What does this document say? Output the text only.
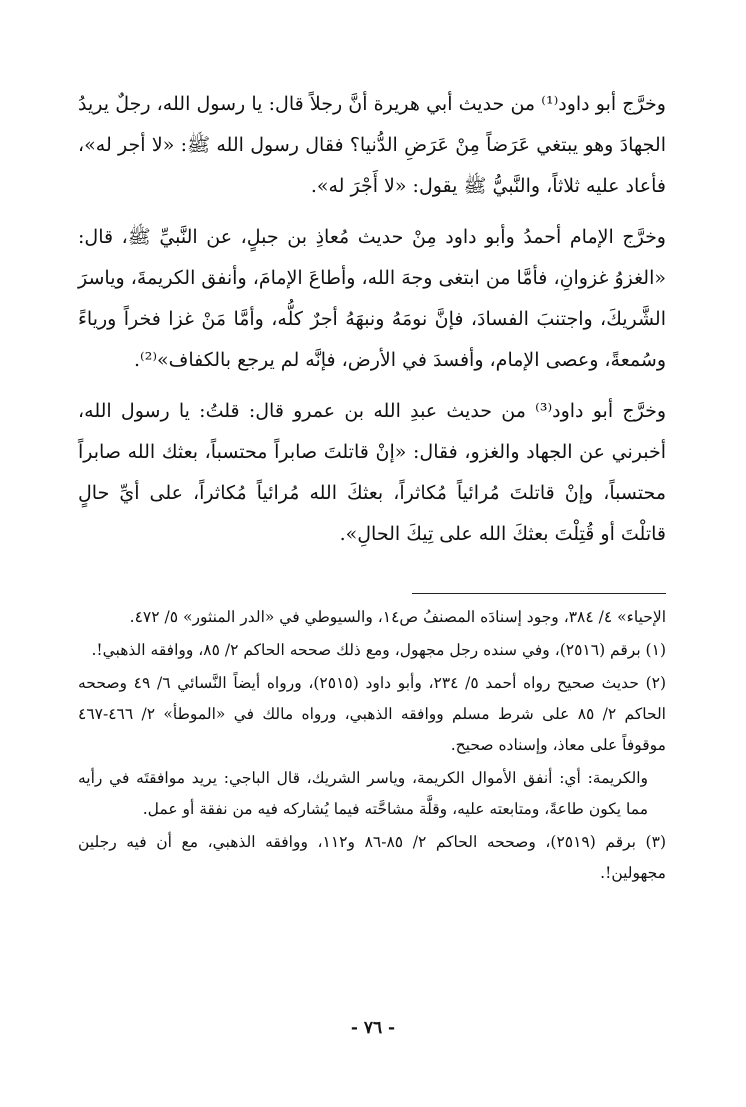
وخرَّج أبو داود⁽¹⁾ من حديث أبي هريرة أنَّ رجلاً قال: يا رسول الله، رجلٌ يريدُ الجهادَ وهو يبتغي عَرَضاً مِنْ عَرَضِ الدُّنيا؟ فقال رسول الله ﷺ: «لا أجر له»، فأعاد عليه ثلاثاً، والنَّبيُّ ﷺ يقول: «لا أَجْرَ له».

وخرَّج الإمام أحمدُ وأبو داود مِنْ حديث مُعاذِ بن جبلٍ، عن النَّبيِّ ﷺ، قال: «الغزوُ غزوانِ، فأمَّا من ابتغى وجهَ الله، وأطاعَ الإمامَ، وأنفق الكريمةَ، وياسرَ الشَّريكَ، واجتنبَ الفسادَ، فإنَّ نومَهُ ونبهَهُ أجرٌ كلُّه، وأمَّا مَنْ غزا فخراً ورياءً وسُمعةً، وعصى الإمام، وأفسدَ في الأرض، فإنَّه لم يرجع بالكفاف»⁽²⁾.

وخرَّج أبو داود⁽³⁾ من حديث عبدِ الله بن عمرو قال: قلتُ: يا رسول الله، أخبرني عن الجهاد والغزو، فقال: «إنْ قاتلتَ صابراً محتسباً، بعثك الله صابراً محتسباً، وإنْ قاتلتَ مُرائياً مُكاثراً، بعثكَ الله مُرائياً مُكاثراً، على أيِّ حالٍ قاتلْتَ أو قُتِلْتَ بعثكَ الله على تِيكَ الحالِ».

الإحياء» ٤/ ٣٨٤، وجود إسنادَه المصنفُ ص١٤، والسيوطي في «الدر المنثور» ٥/ ٤٧٢.

(١) برقم (٢٥١٦)، وفي سنده رجل مجهول، ومع ذلك صححه الحاكم ٢/ ٨٥، ووافقه الذهبي!.

(٢) حديث صحيح رواه أحمد ٥/ ٢٣٤، وأبو داود (٢٥١٥)، ورواه أيضاً النَّسائي ٦/ ٤٩ وصححه الحاكم ٢/ ٨٥ على شرط مسلم ووافقه الذهبي، ورواه مالك في «الموطأ» ٢/ ٤٦٦-٤٦٧ موقوفاً على معاذ، وإسناده صحيح.

والكريمة: أي: أنفق الأموال الكريمة، وياسر الشريك، قال الباجي: يريد موافقتَه في رأيه مما يكون طاعةً، ومتابعته عليه، وقلَّة مشاحَّته فيما يُشاركه فيه من نفقة أو عمل.

(٣) برقم (٢٥١٩)، وصححه الحاكم ٢/ ٨٥-٨٦ و١١٢، ووافقه الذهبي، مع أن فيه رجلين مجهولين!.

- ٧٦ -
